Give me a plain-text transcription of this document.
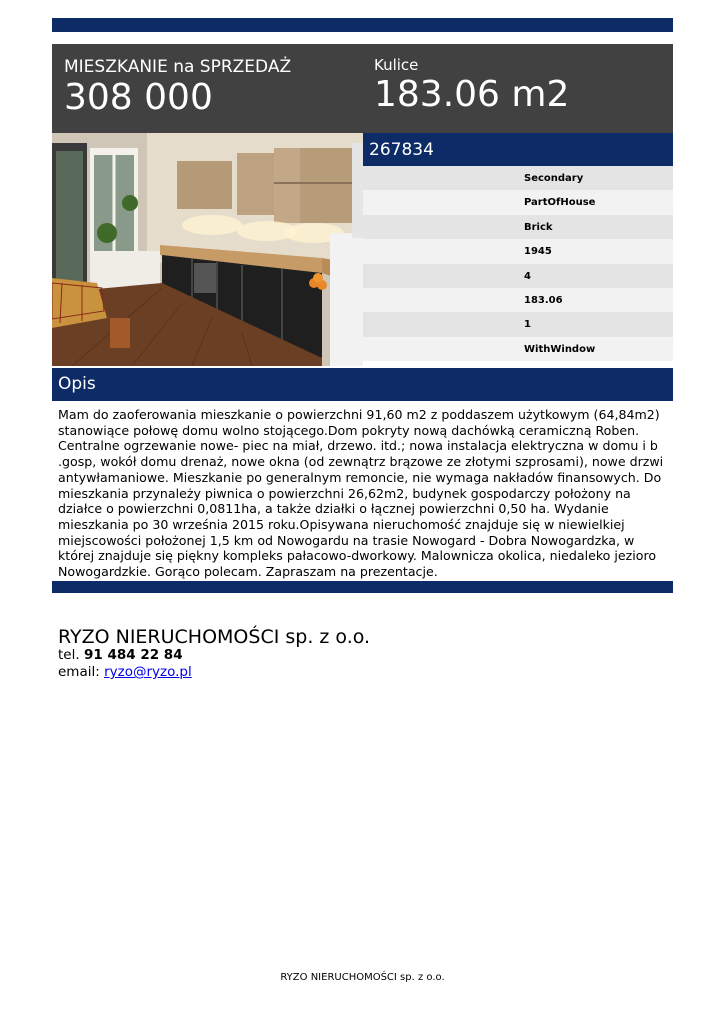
MIESZKANIE na SPRZEDAŻ
308 000
Kulice
183.06 m2
267834
Secondary
PartOfHouse
Brick
1945
4
183.06
1
WithWindow
Opis
Mam do zaoferowania mieszkanie o powierzchni 91,60 m2 z poddaszem użytkowym (64,84m2) stanowiące połowę domu wolno stojącego.Dom pokryty nową dachówką ceramiczną Roben. Centralne ogrzewanie nowe- piec na miał, drzewo. itd.; nowa instalacja elektryczna w domu i b .gosp, wokół domu drenaż, nowe okna (od zewnątrz brązowe ze złotymi szprosami), nowe drzwi antywłamaniowe. Mieszkanie po generalnym remoncie, nie wymaga nakładów finansowych. Do mieszkania przynależy piwnica o powierzchni 26,62m2, budynek gospodarczy położony na działce o powierzchni 0,0811ha, a także działki o łącznej powierzchni 0,50 ha. Wydanie mieszkania po 30 września 2015 roku.Opisywana nieruchomość znajduje się w niewielkiej miejscowości położonej 1,5 km od Nowogardu na trasie Nowogard - Dobra Nowogardzka, w której znajduje się piękny kompleks pałacowo-dworkowy. Malownicza okolica, niedaleko jezioro Nowogardzkie. Gorąco polecam. Zapraszam na prezentacje.
RYZO NIERUCHOMOŚCI sp. z o.o.
tel. 91 484 22 84
email: ryzo@ryzo.pl
RYZO NIERUCHOMOŚCI sp. z o.o.
